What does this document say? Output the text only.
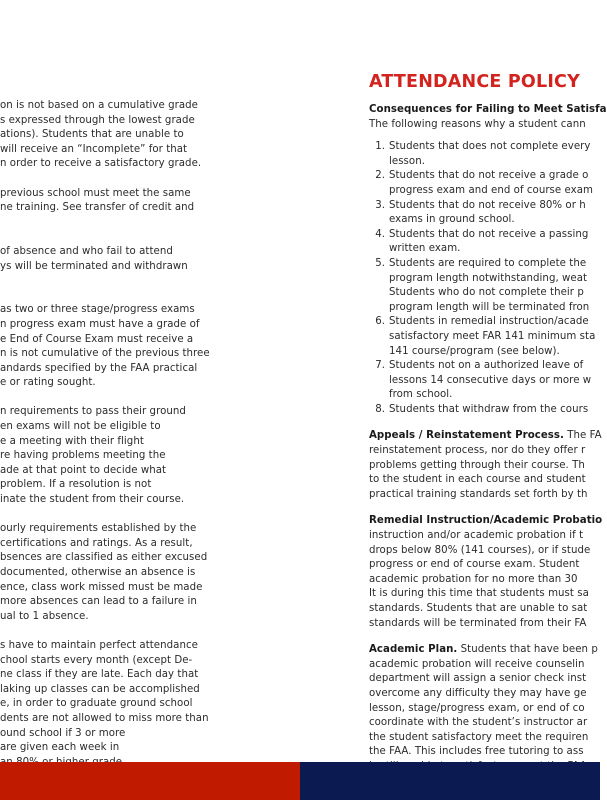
on is not based on a cumulative grade
s expressed through the lowest grade
ations). Students that are unable to
will receive an “Incomplete” for that
n order to receive a satisfactory grade.
previous school must meet the same
ne training. See transfer of credit and
of absence and who fail to attend
ys will be terminated and withdrawn
as two or three stage/progress exams
n progress exam must have a grade of
e End of Course Exam must receive a
n is not cumulative of the previous three
andards specified by the FAA practical
e or rating sought.
n requirements to pass their ground
en exams will not be eligible to
e a meeting with their flight
re having problems meeting the
ade at that point to decide what
problem. If a resolution is not
inate the student from their course.
ourly requirements established by the
certifications and ratings. As a result,
bsences are classified as either excused
documented, otherwise an absence is
ence, class work missed must be made
more absences can lead to a failure in
ual to 1 absence.
s have to maintain perfect attendance
chool starts every month (except De-
ne class if they are late. Each day that
laking up classes can be accomplished
e, in order to graduate ground school
dents are not allowed to miss more than
ound school if 3 or more
are given each week in
ATTENDANCE POLICY
Consequences for Failing to Meet Satisfa
The following reasons why a student cann
1. Students that does not complete every
lesson.
2. Students that do not receive a grade o
progress exam and end of course exam
3. Students that do not receive 80% or h
exams in ground school.
4. Students that do not receive a passing
written exam.
5. Students are required to complete the
program length notwithstanding, weat
Students who do not complete their p
program length will be terminated fron
6. Students in remedial instruction/acade
satisfactory meet FAR 141 minimum sta
141 course/program (see below).
7. Students not on a authorized leave of
lessons 14 consecutive days or more w
from school.
8. Students that withdraw from the cours
Appeals / Reinstatement Process. The FA
reinstatement process, nor do they offer r
problems getting through their course. Th
to the student in each course and student
practical training standards set forth by th
Remedial Instruction/Academic Probatio
instruction and/or academic probation if t
drops below 80% (141 courses), or if stude
progress or end of course exam. Student
academic probation for no more than 30
It is during this time that students must sa
standards. Students that are unable to sat
standards will be terminated from their FA
Academic Plan. Students that have been p
academic probation will receive counselin
department will assign a senior check inst
overcome any difficulty they may have ge
lesson, stage/progress exam, or end of co
coordinate with the student’s instructor ar
the student satisfactory meet the requiren
the FAA. This includes free tutoring to ass
